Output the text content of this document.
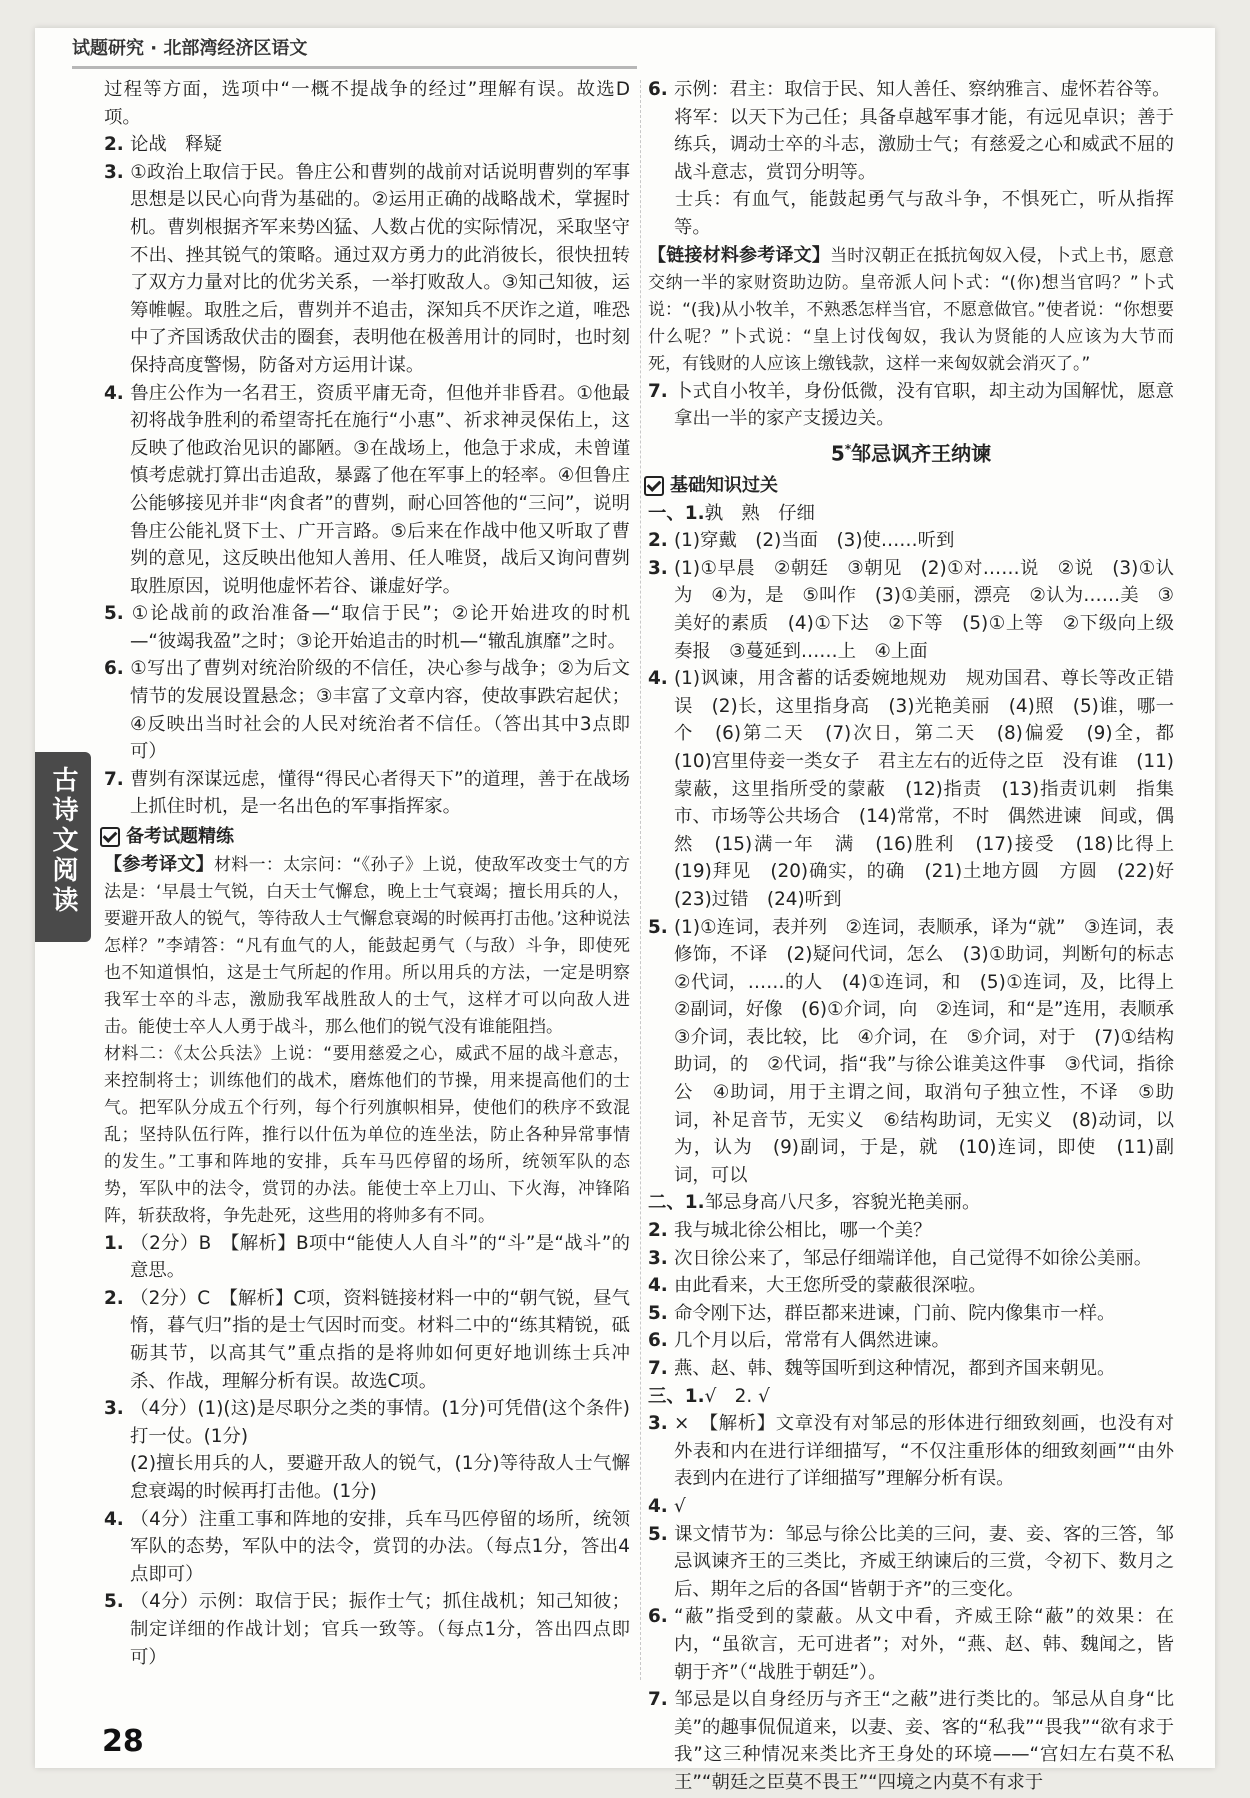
试题研究 · 北部湾经济区语文
古诗文阅读

过程等方面，选项中“一概不提战争的经过”理解有误。故选D项。

2. 论战　释疑

3. ①政治上取信于民。鲁庄公和曹刿的战前对话说明曹刿的军事思想是以民心向背为基础的。②运用正确的战略战术，掌握时机。曹刿根据齐军来势凶猛、人数占优的实际情况，采取坚守不出、挫其锐气的策略。通过双方勇力的此消彼长，很快扭转了双方力量对比的优劣关系，一举打败敌人。③知己知彼，运筹帷幄。取胜之后，曹刿并不追击，深知兵不厌诈之道，唯恐中了齐国诱敌伏击的圈套，表明他在极善用计的同时，也时刻保持高度警惕，防备对方运用计谋。

4. 鲁庄公作为一名君王，资质平庸无奇，但他并非昏君。①他最初将战争胜利的希望寄托在施行“小惠”、祈求神灵保佑上，这反映了他政治见识的鄙陋。③在战场上，他急于求成，未曾谨慎考虑就打算出击追敌，暴露了他在军事上的轻率。④但鲁庄公能够接见并非“肉食者”的曹刿，耐心回答他的“三问”，说明鲁庄公能礼贤下士、广开言路。⑤后来在作战中他又听取了曹刿的意见，这反映出他知人善用、任人唯贤，战后又询问曹刿取胜原因，说明他虚怀若谷、谦虚好学。

5. ①论战前的政治准备—“取信于民”；②论开始进攻的时机—“彼竭我盈”之时；③论开始追击的时机—“辙乱旗靡”之时。

6. ①写出了曹刿对统治阶级的不信任，决心参与战争；②为后文情节的发展设置悬念；③丰富了文章内容，使故事跌宕起伏；④反映出当时社会的人民对统治者不信任。（答出其中3点即可）

7. 曹刿有深谋远虑，懂得“得民心者得天下”的道理，善于在战场上抓住时机，是一名出色的军事指挥家。

备考试题精练

【参考译文】材料一：太宗问：“《孙子》上说，使敌军改变士气的方法是：‘早晨士气锐，白天士气懈怠，晚上士气衰竭；擅长用兵的人，要避开敌人的锐气，等待敌人士气懈怠衰竭的时候再打击他。’这种说法怎样？”李靖答：“凡有血气的人，能鼓起勇气（与敌）斗争，即使死也不知道惧怕，这是士气所起的作用。所以用兵的方法，一定是明察我军士卒的斗志，激励我军战胜敌人的士气，这样才可以向敌人进击。能使士卒人人勇于战斗，那么他们的锐气没有谁能阻挡。

材料二：《太公兵法》上说：“要用慈爱之心，威武不屈的战斗意志，来控制将士；训练他们的战术，磨炼他们的节操，用来提高他们的士气。把军队分成五个行列，每个行列旗帜相异，使他们的秩序不致混乱；坚持队伍行阵，推行以什伍为单位的连坐法，防止各种异常事情的发生。”工事和阵地的安排，兵车马匹停留的场所，统领军队的态势，军队中的法令，赏罚的办法。能使士卒上刀山、下火海，冲锋陷阵，斩获敌将，争先赴死，这些用的将帅多有不同。

1. （2分）B　【解析】B项中“能使人人自斗”的“斗”是“战斗”的意思。

2. （2分）C　【解析】C项，资料链接材料一中的“朝气锐，昼气惰，暮气归”指的是士气因时而变。材料二中的“练其精锐，砥砺其节，以高其气”重点指的是将帅如何更好地训练士兵冲杀、作战，理解分析有误。故选C项。

3. （4分）(1)(这)是尽职分之类的事情。(1分)可凭借(这个条件)打一仗。(1分)

(2)擅长用兵的人，要避开敌人的锐气，(1分)等待敌人士气懈怠衰竭的时候再打击他。(1分)

4. （4分）注重工事和阵地的安排，兵车马匹停留的场所，统领军队的态势，军队中的法令，赏罚的办法。（每点1分，答出4点即可）

5. （4分）示例：取信于民；振作士气；抓住战机；知己知彼；制定详细的作战计划；官兵一致等。（每点1分，答出四点即可）

6. 示例：君主：取信于民、知人善任、察纳雅言、虚怀若谷等。

将军：以天下为己任；具备卓越军事才能，有远见卓识；善于练兵，调动士卒的斗志，激励士气；有慈爱之心和威武不屈的战斗意志，赏罚分明等。

士兵：有血气，能鼓起勇气与敌斗争，不惧死亡，听从指挥等。

【链接材料参考译文】当时汉朝正在抵抗匈奴入侵，卜式上书，愿意交纳一半的家财资助边防。皇帝派人问卜式：“(你)想当官吗？”卜式说：“(我)从小牧羊，不熟悉怎样当官，不愿意做官。”使者说：“你想要什么呢？”卜式说：“皇上讨伐匈奴，我认为贤能的人应该为大节而死，有钱财的人应该上缴钱款，这样一来匈奴就会消灭了。”

7. 卜式自小牧羊，身份低微，没有官职，却主动为国解忧，愿意拿出一半的家产支援边关。

5*邹忌讽齐王纳谏
基础知识过关

一、1.孰　熟　仔细

2. (1)穿戴　(2)当面　(3)使……听到

3. (1)①早晨　②朝廷　③朝见　(2)①对……说　②说　(3)①认为　④为，是　⑤叫作　(3)①美丽，漂亮　②认为……美　③美好的素质　(4)①下达　②下等　(5)①上等　②下级向上级奏报　③蔓延到……上　④上面

4. (1)讽谏，用含蓄的话委婉地规劝　规劝国君、尊长等改正错误　(2)长，这里指身高　(3)光艳美丽　(4)照　(5)谁，哪一个　(6)第二天　(7)次日，第二天　(8)偏爱　(9)全，都　(10)宫里侍妾一类女子　君主左右的近侍之臣　没有谁　(11)蒙蔽，这里指所受的蒙蔽　(12)指责　(13)指责讥刺　指集市、市场等公共场合　(14)常常，不时　偶然进谏　间或，偶然　(15)满一年　满　(16)胜利　(17)接受　(18)比得上　(19)拜见　(20)确实，的确　(21)土地方圆　方圆　(22)好　(23)过错　(24)听到

5. (1)①连词，表并列　②连词，表顺承，译为“就”　③连词，表修饰，不译　(2)疑问代词，怎么　(3)①助词，判断句的标志　②代词，……的人　(4)①连词，和　(5)①连词，及，比得上　②副词，好像　(6)①介词，向　②连词，和“是”连用，表顺承　③介词，表比较，比　④介词，在　⑤介词，对于　(7)①结构助词，的　②代词，指“我”与徐公谁美这件事　③代词，指徐公　④助词，用于主谓之间，取消句子独立性，不译　⑤助词，补足音节，无实义　⑥结构助词，无实义　(8)动词，以为，认为　(9)副词，于是，就　(10)连词，即使　(11)副词，可以

二、1.邹忌身高八尺多，容貌光艳美丽。

2. 我与城北徐公相比，哪一个美？

3. 次日徐公来了，邹忌仔细端详他，自己觉得不如徐公美丽。

4. 由此看来，大王您所受的蒙蔽很深啦。

5. 命令刚下达，群臣都来进谏，门前、院内像集市一样。

6. 几个月以后，常常有人偶然进谏。

7. 燕、赵、韩、魏等国听到这种情况，都到齐国来朝见。

三、1.√　2. √

3. ×　【解析】文章没有对邹忌的形体进行细致刻画，也没有对外表和内在进行详细描写，“不仅注重形体的细致刻画”“由外表到内在进行了详细描写”理解分析有误。

4. √

5. 课文情节为：邹忌与徐公比美的三问，妻、妾、客的三答，邹忌讽谏齐王的三类比，齐威王纳谏后的三赏，令初下、数月之后、期年之后的各国“皆朝于齐”的三变化。

6. “蔽”指受到的蒙蔽。从文中看，齐威王除“蔽”的效果：在内，“虽欲言，无可进者”；对外，“燕、赵、韩、魏闻之，皆朝于齐”（“战胜于朝廷”）。

7. 邹忌是以自身经历与齐王“之蔽”进行类比的。邹忌从自身“比美”的趣事侃侃道来，以妻、妾、客的“私我”“畏我”“欲有求于我”这三种情况来类比齐王身处的环境——“宫妇左右莫不私王”“朝廷之臣莫不畏王”“四境之内莫不有求于

28
